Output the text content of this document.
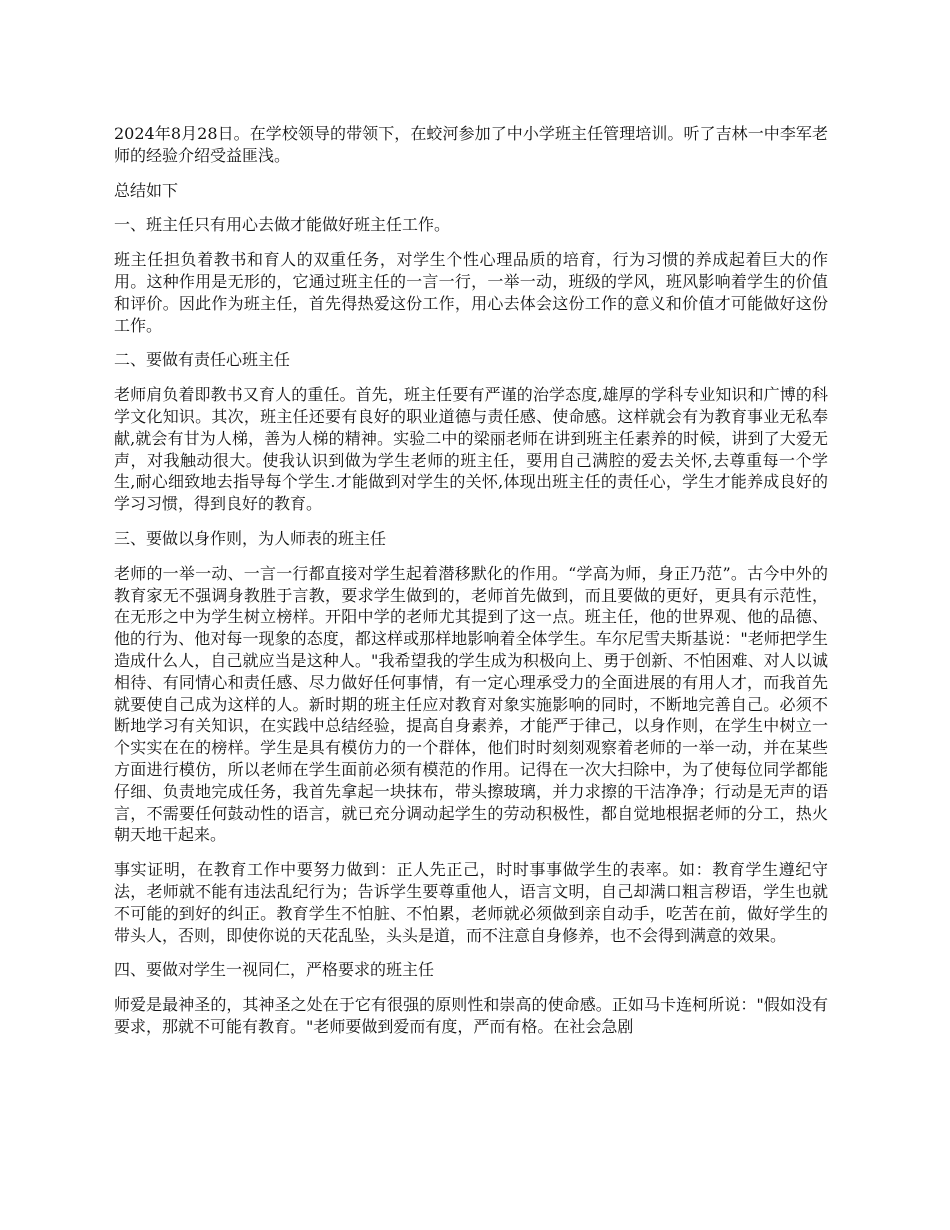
2024年8月28日。在学校领导的带领下，在蛟河参加了中小学班主任管理培训。听了吉林一中李军老师的经验介绍受益匪浅。

总结如下

一、班主任只有用心去做才能做好班主任工作。

班主任担负着教书和育人的双重任务，对学生个性心理品质的培育，行为习惯的养成起着巨大的作用。这种作用是无形的，它通过班主任的一言一行，一举一动，班级的学风，班风影响着学生的价值和评价。因此作为班主任，首先得热爱这份工作，用心去体会这份工作的意义和价值才可能做好这份工作。

二、要做有责任心班主任

老师肩负着即教书又育人的重任。首先，班主任要有严谨的治学态度,雄厚的学科专业知识和广博的科学文化知识。其次，班主任还要有良好的职业道德与责任感、使命感。这样就会有为教育事业无私奉献,就会有甘为人梯，善为人梯的精神。实验二中的梁丽老师在讲到班主任素养的时候，讲到了大爱无声，对我触动很大。使我认识到做为学生老师的班主任，要用自己满腔的爱去关怀,去尊重每一个学生,耐心细致地去指导每个学生.才能做到对学生的关怀,体现出班主任的责任心，学生才能养成良好的学习习惯，得到良好的教育。

三、要做以身作则，为人师表的班主任

老师的一举一动、一言一行都直接对学生起着潜移默化的作用。“学高为师，身正乃范”。古今中外的教育家无不强调身教胜于言教，要求学生做到的，老师首先做到，而且要做的更好，更具有示范性，在无形之中为学生树立榜样。开阳中学的老师尤其提到了这一点。班主任，他的世界观、他的品德、他的行为、他对每一现象的态度，都这样或那样地影响着全体学生。车尔尼雪夫斯基说："老师把学生造成什么人，自己就应当是这种人。"我希望我的学生成为积极向上、勇于创新、不怕困难、对人以诚相待、有同情心和责任感、尽力做好任何事情，有一定心理承受力的全面进展的有用人才，而我首先就要使自己成为这样的人。新时期的班主任应对教育对象实施影响的同时，不断地完善自己。必须不断地学习有关知识，在实践中总结经验，提高自身素养，才能严于律己，以身作则，在学生中树立一个实实在在的榜样。学生是具有模仿力的一个群体，他们时时刻刻观察着老师的一举一动，并在某些方面进行模仿，所以老师在学生面前必须有模范的作用。记得在一次大扫除中，为了使每位同学都能仔细、负责地完成任务，我首先拿起一块抹布，带头擦玻璃，并力求擦的干洁净净；行动是无声的语言，不需要任何鼓动性的语言，就已充分调动起学生的劳动积极性，都自觉地根据老师的分工，热火朝天地干起来。

事实证明，在教育工作中要努力做到：正人先正己，时时事事做学生的表率。如：教育学生遵纪守法，老师就不能有违法乱纪行为；告诉学生要尊重他人，语言文明，自己却满口粗言秽语，学生也就不可能的到好的纠正。教育学生不怕脏、不怕累，老师就必须做到亲自动手，吃苦在前，做好学生的带头人，否则，即使你说的天花乱坠，头头是道，而不注意自身修养，也不会得到满意的效果。

四、要做对学生一视同仁，严格要求的班主任

师爱是最神圣的，其神圣之处在于它有很强的原则性和崇高的使命感。正如马卡连柯所说："假如没有要求，那就不可能有教育。"老师要做到爱而有度，严而有格。在社会急剧
